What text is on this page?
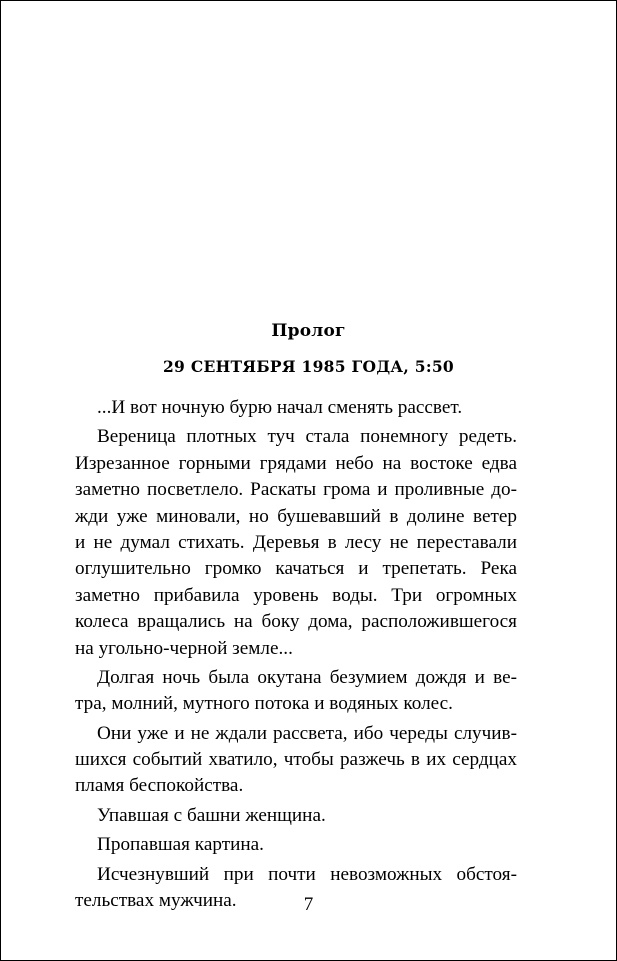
Пролог
29 СЕНТЯБРЯ 1985 ГОДА, 5:50
...И вот ночную бурю начал сменять рассвет.
Вереница плотных туч стала понемногу редеть.
Изрезанное горными грядами небо на востоке едва
заметно посветлело. Раскаты грома и проливные до-
жди уже миновали, но бушевавший в долине ветер
и не думал стихать. Деревья в лесу не переставали
оглушительно громко качаться и трепетать. Река
заметно прибавила уровень воды. Три огромных
колеса вращались на боку дома, расположившегося
на угольно-черной земле...
Долгая ночь была окутана безумием дождя и ве-
тра, молний, мутного потока и водяных колес.
Они уже и не ждали рассвета, ибо череды случив-
шихся событий хватило, чтобы разжечь в их сердцах
пламя беспокойства.
Упавшая с башни женщина.
Пропавшая картина.
Исчезнувший при почти невозможных обстоя-
тельствах мужчина.	7
